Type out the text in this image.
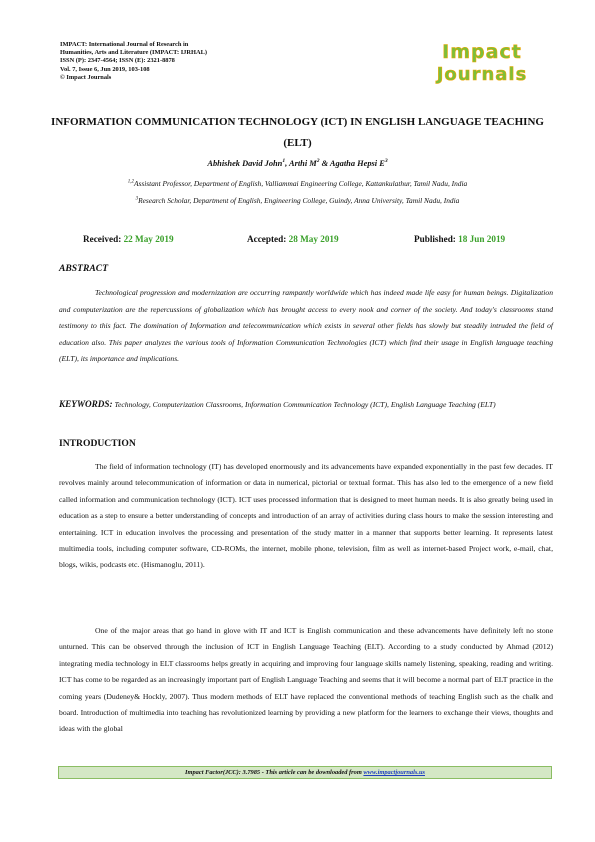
IMPACT: International Journal of Research in
Humanities, Arts and Literature (IMPACT: IJRHAL)
ISSN (P): 2347-4564; ISSN (E): 2321-8878
Vol. 7, Issue 6, Jun 2019, 103-108
© Impact Journals
Impact
Journals
INFORMATION COMMUNICATION TECHNOLOGY (ICT) IN ENGLISH LANGUAGE TEACHING (ELT)
Abhishek David John$^1$, Arthi $M^2$ & Agatha Hepsi $E^3$
$^{1,2}$Assistant Professor, Department of English, Valliammai Engineering College, Kattankulathur, Tamil Nadu, India
$^3$Research Scholar, Department of English, Engineering College, Guindy, Anna University, Tamil Nadu, India
Received: 22 May 2019	Accepted: 28 May 2019	Published: 18 Jun 2019
ABSTRACT
Technological progression and modernization are occurring rampantly worldwide which has indeed made life easy for human beings. Digitalization and computerization are the repercussions of globalization which has brought access to every nook and corner of the society. And today's classrooms stand testimony to this fact. The domination of Information and telecommunication which exists in several other fields has slowly but steadily intruded the field of education also. This paper analyzes the various tools of Information Communication Technologies (ICT) which find their usage in English language teaching (ELT), its importance and implications.
KEYWORDS: Technology, Computerization Classrooms, Information Communication Technology (ICT), English Language Teaching (ELT)
INTRODUCTION
The field of information technology (IT) has developed enormously and its advancements have expanded exponentially in the past few decades. IT revolves mainly around telecommunication of information or data in numerical, pictorial or textual format. This has also led to the emergence of a new field called information and communication technology (ICT). ICT uses processed information that is designed to meet human needs. It is also greatly being used in education as a step to ensure a better understanding of concepts and introduction of an array of activities during class hours to make the session interesting and entertaining. ICT in education involves the processing and presentation of the study matter in a manner that supports better learning. It represents latest multimedia tools, including computer software, CD-ROMs, the internet, mobile phone, television, film as well as internet-based Project work, e-mail, chat, blogs, wikis, podcasts etc. (Hismanoglu, 2011).
One of the major areas that go hand in glove with IT and ICT is English communication and these advancements have definitely left no stone unturned. This can be observed through the inclusion of ICT in English Language Teaching (ELT). According to a study conducted by Ahmad (2012) integrating media technology in ELT classrooms helps greatly in acquiring and improving four language skills namely listening, speaking, reading and writing. ICT has come to be regarded as an increasingly important part of English Language Teaching and seems that it will become a normal part of ELT practice in the coming years (Dudeney& Hockly, 2007). Thus modern methods of ELT have replaced the conventional methods of teaching English such as the chalk and board. Introduction of multimedia into teaching has revolutionized learning by providing a new platform for the learners to exchange their views, thoughts and ideas with the global
Impact Factor(JCC): 3.7985 - This article can be downloaded from www.impactjournals.us
